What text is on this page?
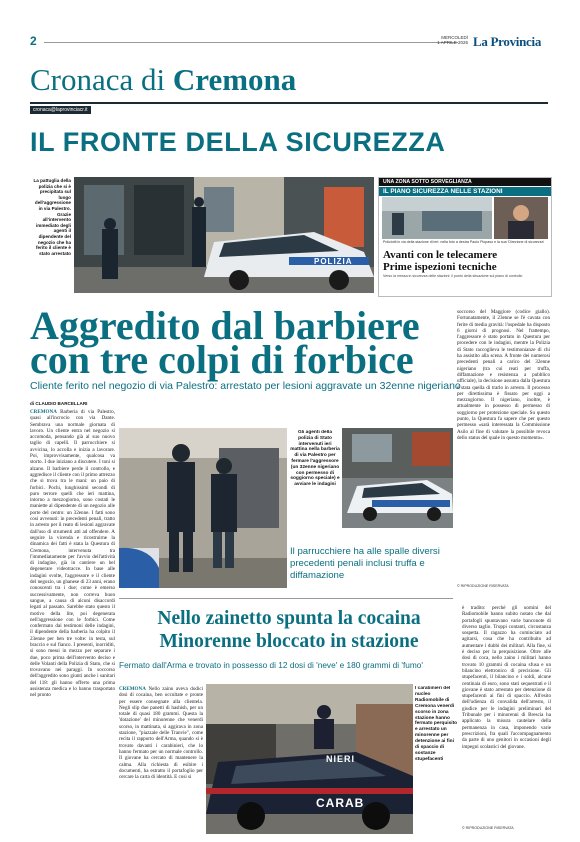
2	MERCOLEDÌ
1 APRILE 2026 La Provincia
Cronaca di Cremona
cronaca@laprovinciacr.it
IL FRONTE DELLA SICUREZZA
La pattuglia della polizia che si è precipitata sul luogo dell'aggressione in via Palestro. Grazie all'intervento immediato degli agenti il dipendente del negozio che ha ferito il cliente è stato arrestato
POLIZIA
UNA ZONA SOTTO SORVEGLIANZA
IL PIANO SICUREZZA NELLE STAZIONI
Poliziotti in via della stazione di ieri: nella foto a destra Paolo Piopaso e la sua 'Direzione di sicurezza'
Avanti con le telecamere
Prime ispezioni tecniche
Verso la messa in sicurezza delle stazioni: il punto della situazione sul piano di controllo
Aggredito dal barbiere
con tre colpi di forbice
Cliente ferito nel negozio di via Palestro: arrestato per lesioni aggravate un 32enne nigeriano
di CLAUDIO BARCELLARI
CREMONA Barberia di via Palestro, quasi all'incrocio con via Dante. Sembrava una normale giornata di lavoro. Un cliente entra nel negozio si accomoda, pensando già al suo nuovo taglio di capelli. Il parrucchiere si avvicina, lo accolla e inizia a lavorare. Poi, improvvisamente, qualcosa va storto. I due iniziano a discutere. I toni si alzano. Il barbiere perde il controllo, e aggredisce il cliente con il primo attrezzo che si trova tra le mani: un paio di forbici. Pochi, lunghissimi secondi di puro terrore quelli che ieri mattina, intorno a mezzogiorno, sono costati le maniette al dipendente di un negozio alle porte del centro: un 32enne. I fatti sono cosi avvenuti: in precedenti penali, tratto in arresto per il reato di lesioni aggravate dall'uso di strumenti atti ad offendere. A seguire la vicenda e ricostruirne la dinamica dei fatti è stata la Questura di Cremona, intervenuta tra l'immediatamente per l'avvio dell'attività di indagine, già in cantiere un bel degenerare videotracce. In base alle indagini svolte, l'aggressore e il cliente del negozio, un ghanese di 23 anni, erano conoscenti tra i due; come è emerso successivamente, non correva buon sangue, a causa di alcuni disaccordi legati al passato. Sarebbe stato questo il motivo della lite, poi degenerata nell'aggressione con le forbici. Come confermato dai testimoni delle indagini, il dipendente della barberia ha colpito il 23enne per ben tre volte: in testa, sul braccio e sul fianco. I presenti, inorriditi, si sono messi in mezzo per separare i due, poco prima dell'intervento deciso e delle Volanti della Polizia di Stato, che si trovavano nei paraggi. In soccorso dell'aggredito sono giunti anche i sanitari del 118: gli hanno offerto una prima assistenza medica e lo hanno trasportato nel pronto
soccorso del Maggiore (codice giallo). Fortunatamente, il 23enne se l'è cavata con ferite di media gravità: l'ospedale ha disposto 6 giorni di prognosi. Nel frattempo, l'aggressore è stato portato in Questura per procedere con le indagini, mentre la Polizia di Stato raccoglieva le testimonianze di chi ha assistito alla scena. A fronte dei numerosi precedenti penali a carico del 32enne nigeriano (tra cui reati per truffa, diffamazione e resistenza a pubblico ufficiale), la decisione assunta dalla Questura è stata quella di trarlo in arresto. Il processo per direttissima è fissato per oggi a mezzogiorno. Il nigeriano, inoltre, è attualmente in possesso di permesso di soggiorno per protezione speciale. Su questo punto, la Questura fa sapere che per questo permesso «sarà interessata la Commissione Asilo al fine di valutare la possibile revoca dello status del quale in questo momento».
© RIPRODUZIONE RISERVATA
Gli agenti della polizia di Stato intervenuti ieri mattina nella barberia di via Palestro per fermare l'aggressore (un 32enne nigeriano con permesso di soggiorno speciale) e avviare le indagini
Il parrucchiere ha alle spalle diversi precedenti penali inclusi truffa e diffamazione
Nello zainetto spunta la cocaina
Minorenne bloccato in stazione
Fermato dall'Arma e trovato in possesso di 12 dosi di 'neve' e 180 grammi di 'fumo'
CREMONA Nello zaino aveva dodici dosi di cocaina, ben occultate e pronte per essere consegnate alla clientela. Negli slip due panetti di hashish, per un totale di quasi 180 grammi. Questa la 'dotazione' del minorenne che venerdì scorso, in mattinata, si aggirava in zona stazione, "piazzale delle Tranvie", come recita il rapporto dell'Arma, quando si è trovato davanti i carabinieri, che lo hanno fermato per un normale controllo. Il giovane ha cercato di mantenere la calma. Alla richiesta di esibire i documenti, ha estratto il portafoglio per cercare la carta di identità. E così si
NIERI
CARAB
I carabinieri del nucleo Radiomobile di Cremona venerdì scorso in zona stazione hanno fermato perquisito e arrestato un minorenne per detenzione ai fini di spaccio di sostanze stupefacenti
è tradito: perché gli uomini del Radiomobile hanno subito notato che dal portafogli spuntavano varie banconote di diverso taglio. Troppi contanti, circostanza sospetta. Il ragazzo ha cominciato ad agitarsi, cosa che ha contribuito ad aumentare i dubbi dei militari. Alla fine, si è deciso per la perquisizione. Oltre alle dosi di coca, nello zaino i militari hanno trovato 10 grammi di cocaina sfusa e un bilancino elettronico di precisione. Gli stupefacenti, il bilancino e i soldi, alcune centinaia di euro, sono stati sequestrati e il giovane è stato arrestato per detenzione di stupefacenti ai fini di spaccio. All'esito dell'udienza di convalida dell'arresto, il giudice per le indagini preliminari del Tribunale per i minorenni di Brescia ha applicato la misura cautelare della permanenza in casa, imponendo varie prescrizioni, fra quali l'accompagnamento da parte di uno genitori in occasioni degli impegni scolastici del giovane.
© RIPRODUZIONE RISERVATA
